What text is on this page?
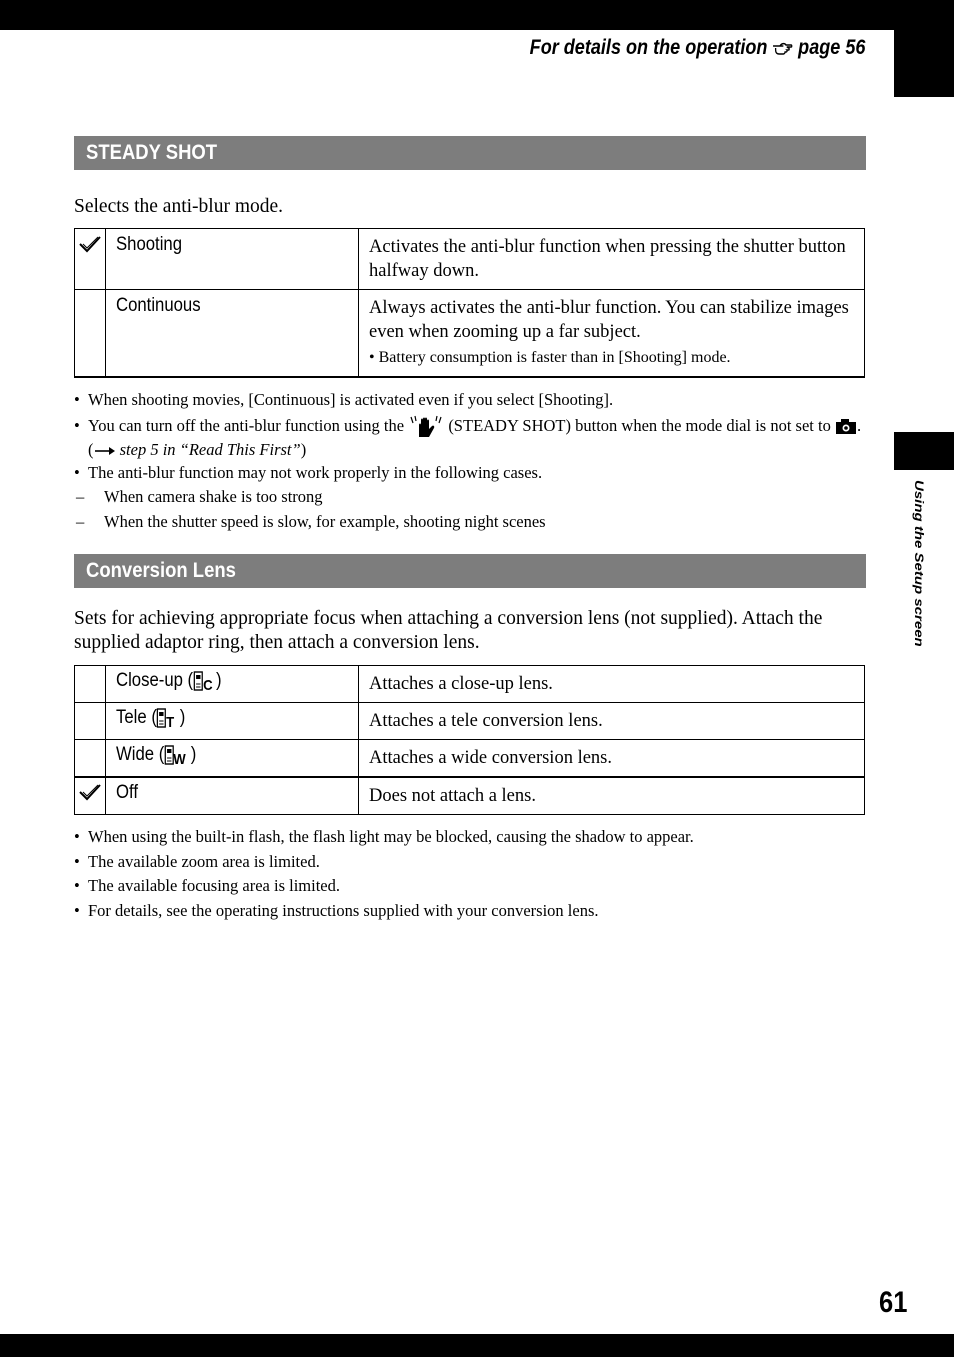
Using the Setup screen
For details on the operation page 56
STEADY SHOT
Selects the anti-blur mode.
	Shooting	Activates the anti-blur function when pressing the shutter button halfway down.
	Continuous	Always activates the anti-blur function. You can stabilize images even when zooming up a far subject.
• Battery consumption is faster than in [Shooting] mode.
• When shooting movies, [Continuous] is activated even if you select [Shooting].
• You can turn off the anti-blur function using the	(STEADY SHOT) button when the mode dial is not set to . ( step 5 in “Read This First”)
• The anti-blur function may not work properly in the following cases.
– When camera shake is too strong
– When the shutter speed is slow, for example, shooting night scenes
Conversion Lens
Sets for achieving appropriate focus when attaching a conversion lens (not supplied). Attach the supplied adaptor ring, then attach a conversion lens.
	Close-up ( C )	Attaches a close-up lens.
	Tele ( T )	Attaches a tele conversion lens.
	Wide ( W )	Attaches a wide conversion lens.
	Off	Does not attach a lens.
• When using the built-in flash, the flash light may be blocked, causing the shadow to appear.
• The available zoom area is limited.
• The available focusing area is limited.
• For details, see the operating instructions supplied with your conversion lens.
61
